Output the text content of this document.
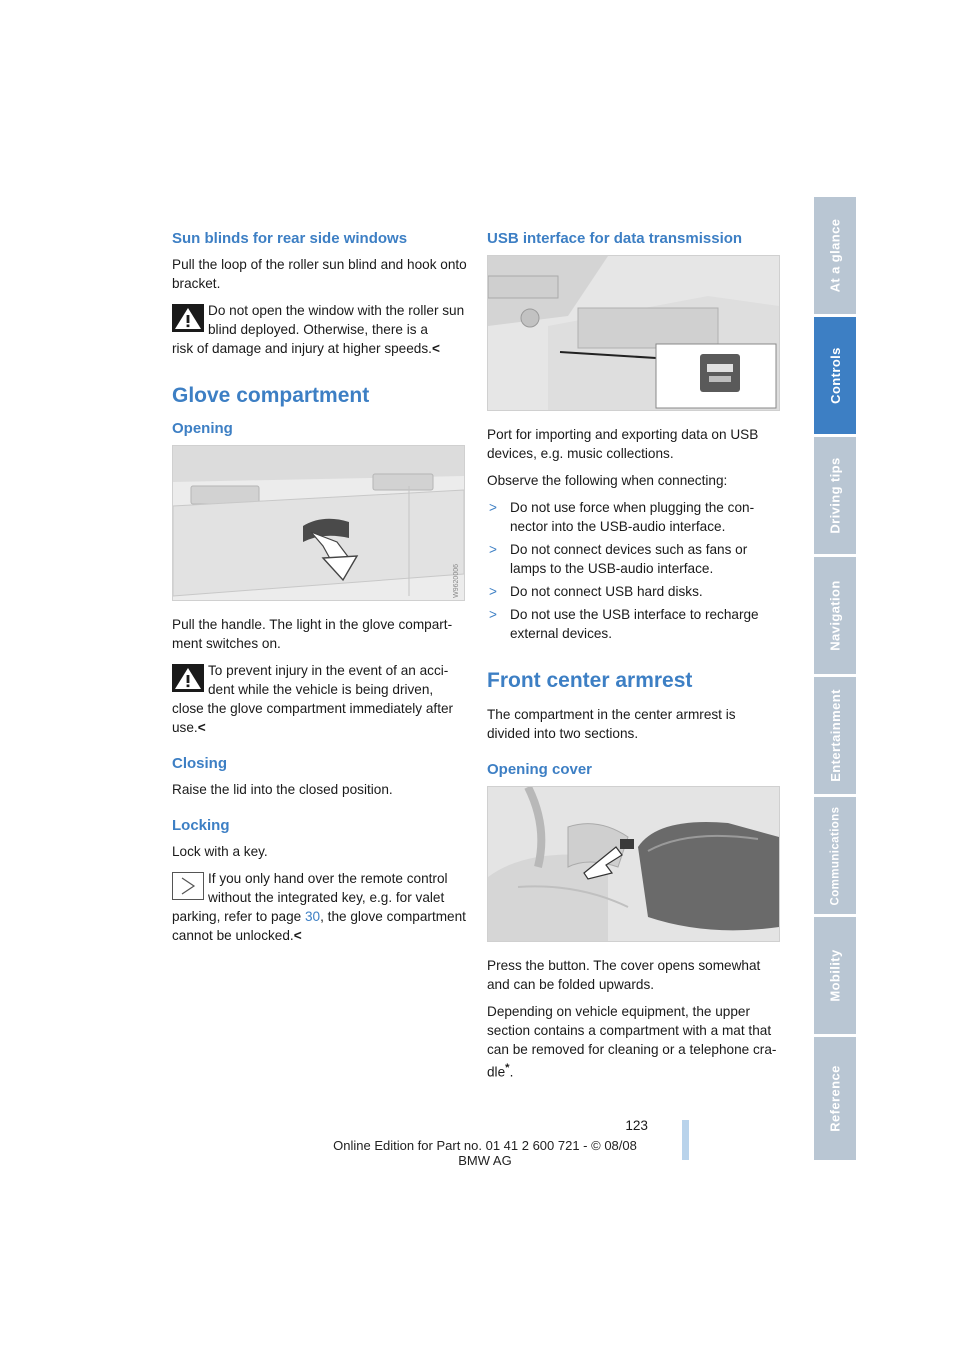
Sun blinds for rear side windows

Pull the loop of the roller sun blind and hook onto bracket.

Do not open the window with the roller sun blind deployed. Otherwise, there is a
risk of damage and injury at higher speeds.<
Glove compartment
Opening
W9620006

Pull the handle. The light in the glove compartment switches on.

To prevent injury in the event of an accident while the vehicle is being driven,
close the glove compartment immediately after use.<
Closing

Raise the lid into the closed position.

Locking

Lock with a key.

If you only hand over the remote control without the integrated key, e.g. for valet
parking, refer to page 30, the glove compartment cannot be unlocked.<
USB interface for data transmission

Port for importing and exporting data on USB devices, e.g. music collections.

Observe the following when connecting:

> Do not use force when plugging the connector into the USB-audio interface.
> Do not connect devices such as fans or lamps to the USB-audio interface.
> Do not connect USB hard disks.
> Do not use the USB interface to recharge external devices.
Front center armrest

The compartment in the center armrest is divided into two sections.

Opening cover

Press the button. The cover opens somewhat and can be folded upwards.

Depending on vehicle equipment, the upper section contains a compartment with a mat that can be removed for cleaning or a telephone cradle*.

At a glance
Controls
Driving tips
Navigation
Entertainment
Communications
Mobility
Reference
123
Online Edition for Part no. 01 41 2 600 721 - © 08/08 BMW AG
